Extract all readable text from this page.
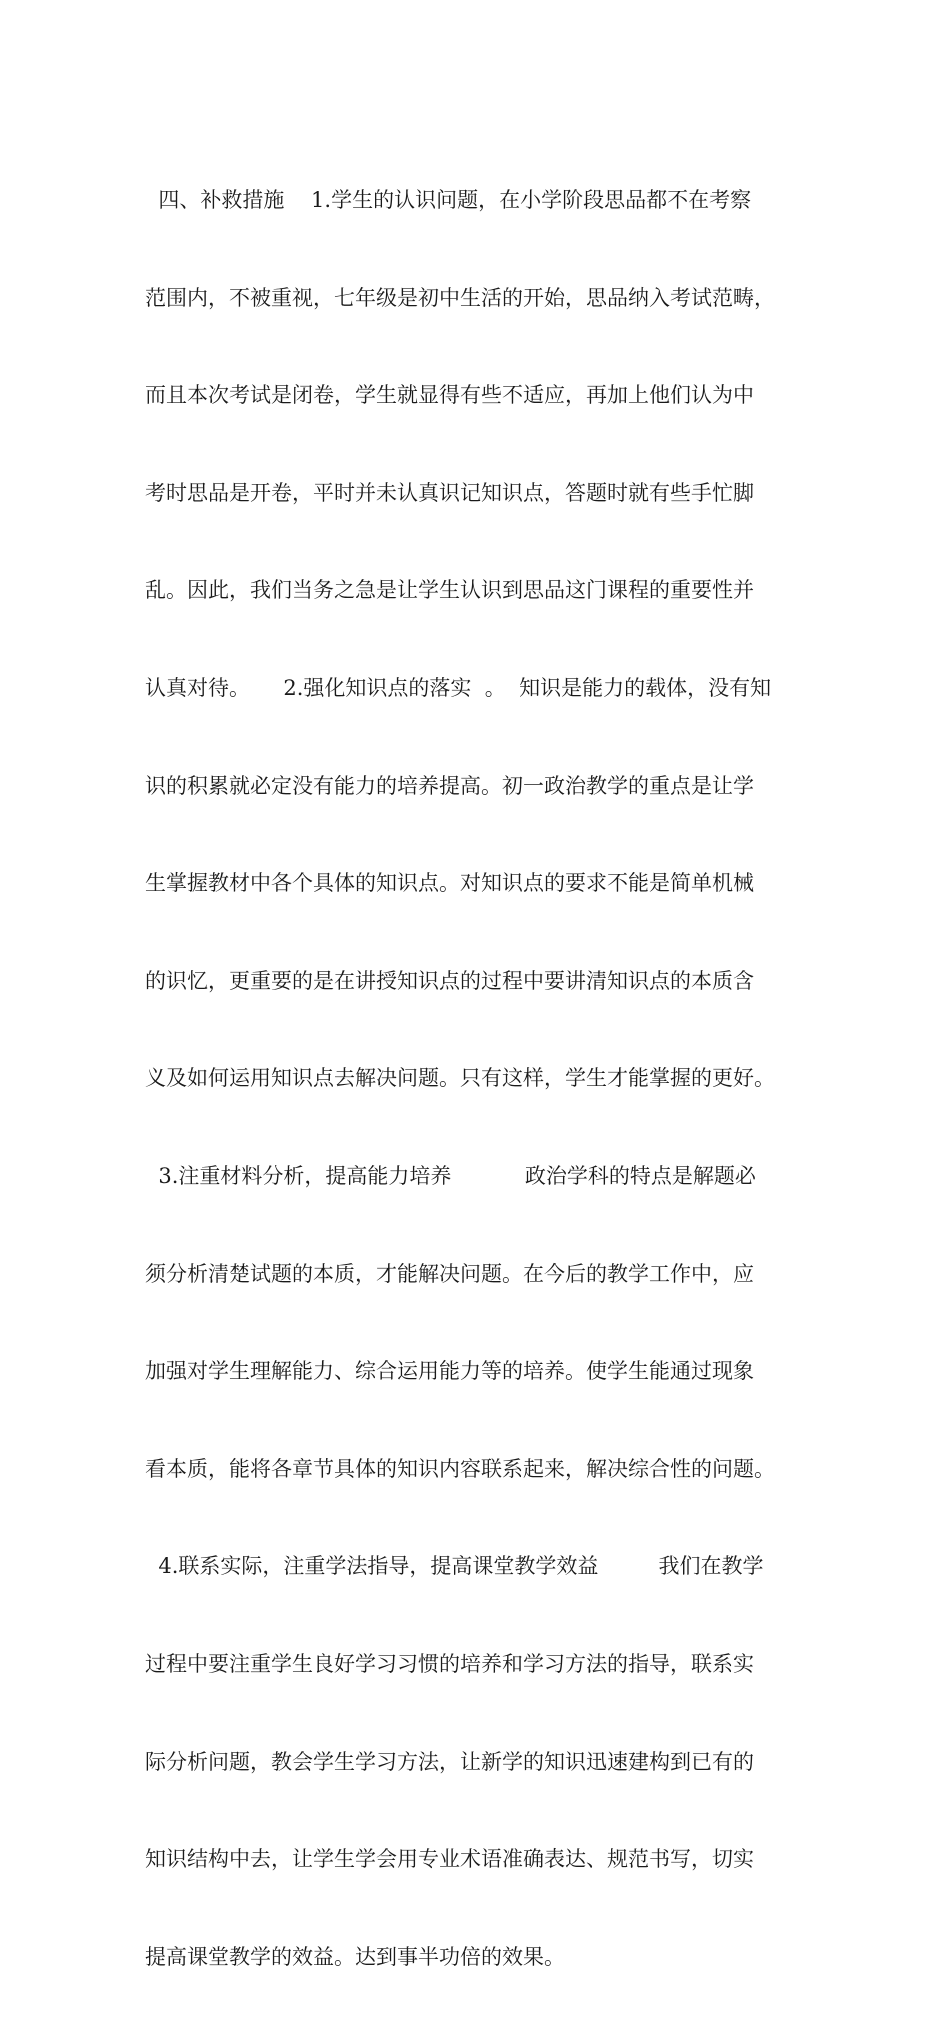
四、补救措施    1.学生的认识问题，在小学阶段思品都不在考察

范围内，不被重视，七年级是初中生活的开始，思品纳入考试范畴，

而且本次考试是闭卷，学生就显得有些不适应，再加上他们认为中

考时思品是开卷，平时并未认真识记知识点，答题时就有些手忙脚

乱。因此，我们当务之急是让学生认识到思品这门课程的重要性并

认真对待。     2.强化知识点的落实  。  知识是能力的载体，没有知

识的积累就必定没有能力的培养提高。初一政治教学的重点是让学

生掌握教材中各个具体的知识点。对知识点的要求不能是简单机械

的识忆，更重要的是在讲授知识点的过程中要讲清知识点的本质含

义及如何运用知识点去解决问题。只有这样，学生才能掌握的更好。

3.注重材料分析，提高能力培养           政治学科的特点是解题必

须分析清楚试题的本质，才能解决问题。在今后的教学工作中，应

加强对学生理解能力、综合运用能力等的培养。使学生能通过现象

看本质，能将各章节具体的知识内容联系起来，解决综合性的问题。

4.联系实际，注重学法指导，提高课堂教学效益         我们在教学

过程中要注重学生良好学习习惯的培养和学习方法的指导，联系实

际分析问题，教会学生学习方法，让新学的知识迅速建构到已有的

知识结构中去，让学生学会用专业术语准确表达、规范书写，切实

提高课堂教学的效益。达到事半功倍的效果。
